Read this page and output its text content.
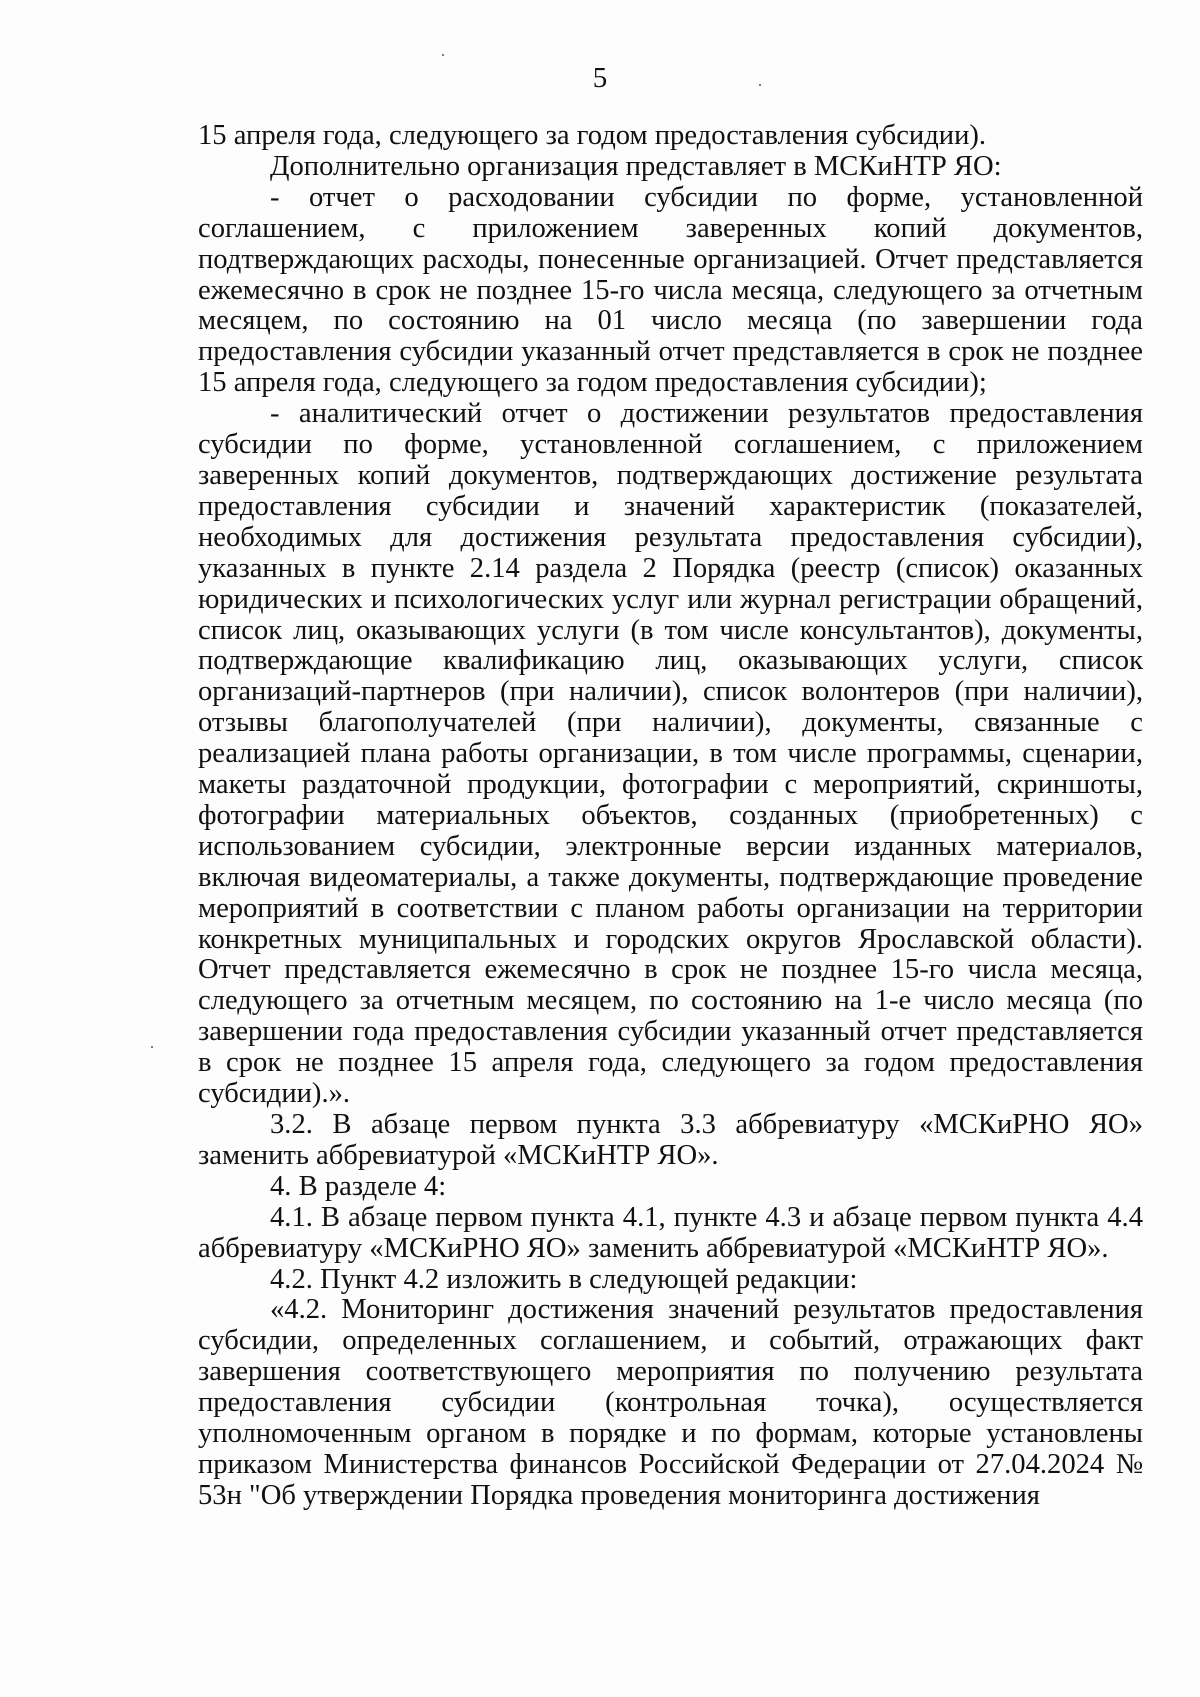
5

15 апреля года, следующего за годом предоставления субсидии).

Дополнительно организация представляет в МСКиНТР ЯО:

- отчет о расходовании субсидии по форме, установленной соглашением, с приложением заверенных копий документов, подтверждающих расходы, понесенные организацией. Отчет представляется ежемесячно в срок не позднее 15-го числа месяца, следующего за отчетным месяцем, по состоянию на 01 число месяца (по завершении года предоставления субсидии указанный отчет представляется в срок не позднее 15 апреля года, следующего за годом предоставления субсидии);

- аналитический отчет о достижении результатов предоставления субсидии по форме, установленной соглашением, с приложением заверенных копий документов, подтверждающих достижение результата предоставления субсидии и значений характеристик (показателей, необходимых для достижения результата предоставления субсидии), указанных в пункте 2.14 раздела 2 Порядка (реестр (список) оказанных юридических и психологических услуг или журнал регистрации обращений, список лиц, оказывающих услуги (в том числе консультантов), документы, подтверждающие квалификацию лиц, оказывающих услуги, список организаций-партнеров (при наличии), список волонтеров (при наличии), отзывы благополучателей (при наличии), документы, связанные с реализацией плана работы организации, в том числе программы, сценарии, макеты раздаточной продукции, фотографии с мероприятий, скриншоты, фотографии материальных объектов, созданных (приобретенных) с использованием субсидии, электронные версии изданных материалов, включая видеоматериалы, а также документы, подтверждающие проведение мероприятий в соответствии с планом работы организации на территории конкретных муниципальных и городских округов Ярославской области). Отчет представляется ежемесячно в срок не позднее 15-го числа месяца, следующего за отчетным месяцем, по состоянию на 1-е число месяца (по завершении года предоставления субсидии указанный отчет представляется в срок не позднее 15 апреля года, следующего за годом предоставления субсидии).».

3.2. В абзаце первом пункта 3.3 аббревиатуру «МСКиРНО ЯО» заменить аббревиатурой «МСКиНТР ЯО».

4. В разделе 4:

4.1. В абзаце первом пункта 4.1, пункте 4.3 и абзаце первом пункта 4.4 аббревиатуру «МСКиРНО ЯО» заменить аббревиатурой «МСКиНТР ЯО».

4.2. Пункт 4.2 изложить в следующей редакции:

«4.2. Мониторинг достижения значений результатов предоставления субсидии, определенных соглашением, и событий, отражающих факт завершения соответствующего мероприятия по получению результата предоставления субсидии (контрольная точка), осуществляется уполномоченным органом в порядке и по формам, которые установлены приказом Министерства финансов Российской Федерации от 27.04.2024 № 53н "Об утверждении Порядка проведения мониторинга достижения
